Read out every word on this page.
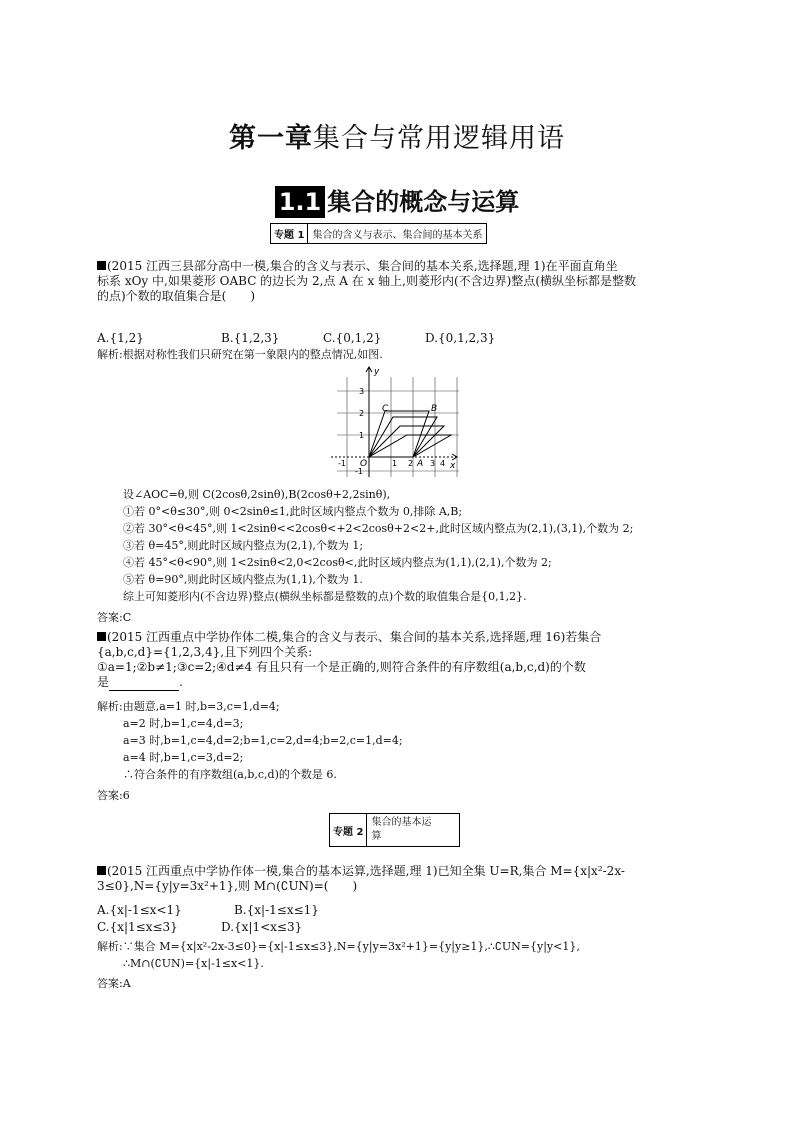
第一章集合与常用逻辑用语
1.1 集合的概念与运算
专题 1 集合的含义与表示、集合间的基本关系
(2015 江西三县部分高中一模,集合的含义与表示、集合间的基本关系,选择题,理 1)在平面直角坐
标系 xOy 中,如果菱形 OABC 的边长为 2,点 A 在 x 轴上,则菱形内(不含边界)整点(横纵坐标都是整数
的点)个数的取值集合是(　　)
A.{1,2}	B.{1,2,3}	C.{0,1,2}	D.{0,1,2,3}
解析:根据对称性我们只研究在第一象限内的整点情况,如图.
y
x
O	A
B
C
-1	1 2 3 4
3
2
1
-1
设∠AOC=θ,则 C(2cosθ,2sinθ),B(2cosθ+2,2sinθ),
①若 0°<θ≤30°,则 0<2sinθ≤1,此时区域内整点个数为 0,排除 A,B;
②若 30°<θ<45°,则 1<2sinθ<<2cosθ<+2<2cosθ+2<2+,此时区域内整点为(2,1),(3,1),个数为 2;
③若 θ=45°,则此时区域内整点为(2,1),个数为 1;
④若 45°<θ<90°,则 1<2sinθ<2,0<2cosθ<,此时区域内整点为(1,1),(2,1),个数为 2;
⑤若 θ=90°,则此时区域内整点为(1,1),个数为 1.
综上可知菱形内(不含边界)整点(横纵坐标都是整数的点)个数的取值集合是{0,1,2}.
答案:C
(2015 江西重点中学协作体二模,集合的含义与表示、集合间的基本关系,选择题,理 16)若集合
{a,b,c,d}={1,2,3,4},且下列四个关系:
①a=1;②b≠1;③c=2;④d≠4 有且只有一个是正确的,则符合条件的有序数组(a,b,c,d)的个数
是	.
解析:由题意,a=1 时,b=3,c=1,d=4;
a=2 时,b=1,c=4,d=3;
a=3 时,b=1,c=4,d=2;b=1,c=2,d=4;b=2,c=1,d=4;
a=4 时,b=1,c=3,d=2;
∴符合条件的有序数组(a,b,c,d)的个数是 6.
答案:6
专题 2
集合的基本运
算
(2015 江西重点中学协作体一模,集合的基本运算,选择题,理 1)已知全集 U=R,集合 M={x|x²-2x-
3≤0},N={y|y=3x²+1},则 M∩(∁UN)=(　　)
A.{x|-1≤x<1}	B.{x|-1≤x≤1}
C.{x|1≤x≤3}	D.{x|1<x≤3}
解析:∵集合 M={x|x²-2x-3≤0}={x|-1≤x≤3},N={y|y=3x²+1}={y|y≥1},∴∁UN={y|y<1},
∴M∩(∁UN)={x|-1≤x<1}.
答案:A
